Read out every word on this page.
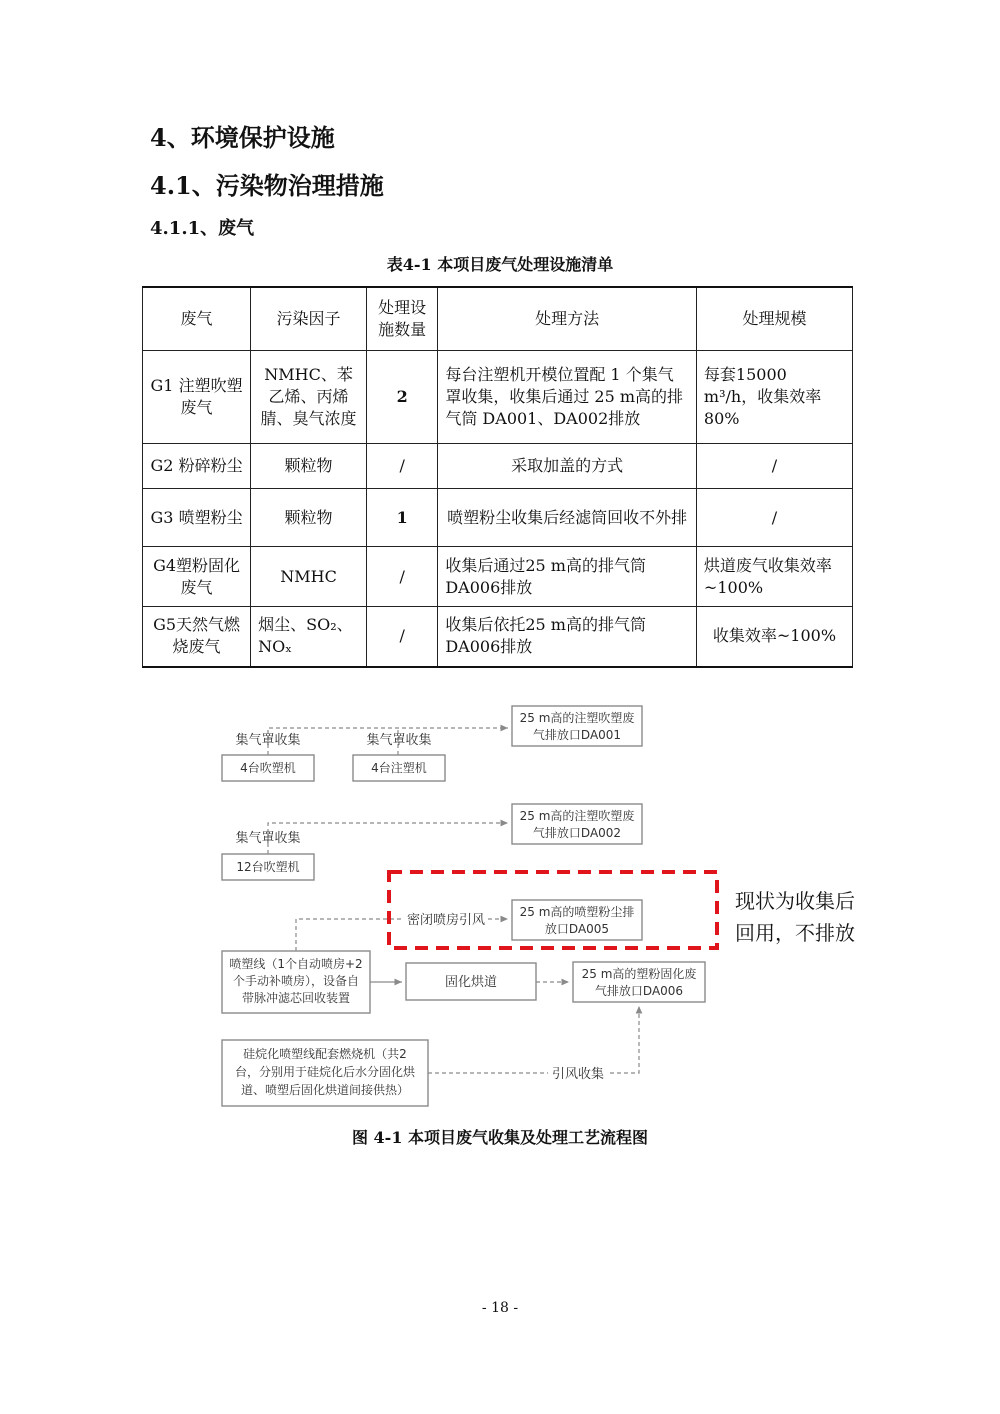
4、环境保护设施
4.1、污染物治理措施
4.1.1、废气
表4-1 本项目废气处理设施清单
废气	污染因子	处理设施数量	处理方法	处理规模
G1 注塑吹塑废气	NMHC、苯乙烯、丙烯腈、臭气浓度	2	每台注塑机开模位置配 1 个集气罩收集，收集后通过 25 m高的排气筒 DA001、DA002排放	每套15000 m³/h，收集效率80%
G2 粉碎粉尘	颗粒物	/	采取加盖的方式	/
G3 喷塑粉尘	颗粒物	1	喷塑粉尘收集后经滤筒回收不外排	/
G4塑粉固化废气	NMHC	/	收集后通过25 m高的排气筒DA006排放	烘道废气收集效率~100%
G5天然气燃烧废气	烟尘、SO₂、NOₓ	/	收集后依托25 m高的排气筒DA006排放	收集效率~100%
集气罩收集	集气罩收集
4台吹塑机	4台注塑机
25 m高的注塑吹塑废
气排放口DA001
集气罩收集
12台吹塑机
25 m高的注塑吹塑废
气排放口DA002
密闭喷房引风
25 m高的喷塑粉尘排
放口DA005
现状为收集后
回用，不排放
喷塑线（1个自动喷房+2
个手动补喷房），设备自
带脉冲滤芯回收装置
固化烘道
25 m高的塑粉固化废
气排放口DA006
硅烷化喷塑线配套燃烧机（共2
台，分别用于硅烷化后水分固化烘
道、喷塑后固化烘道间接供热）
引风收集
图 4-1 本项目废气收集及处理工艺流程图
- 18 -
